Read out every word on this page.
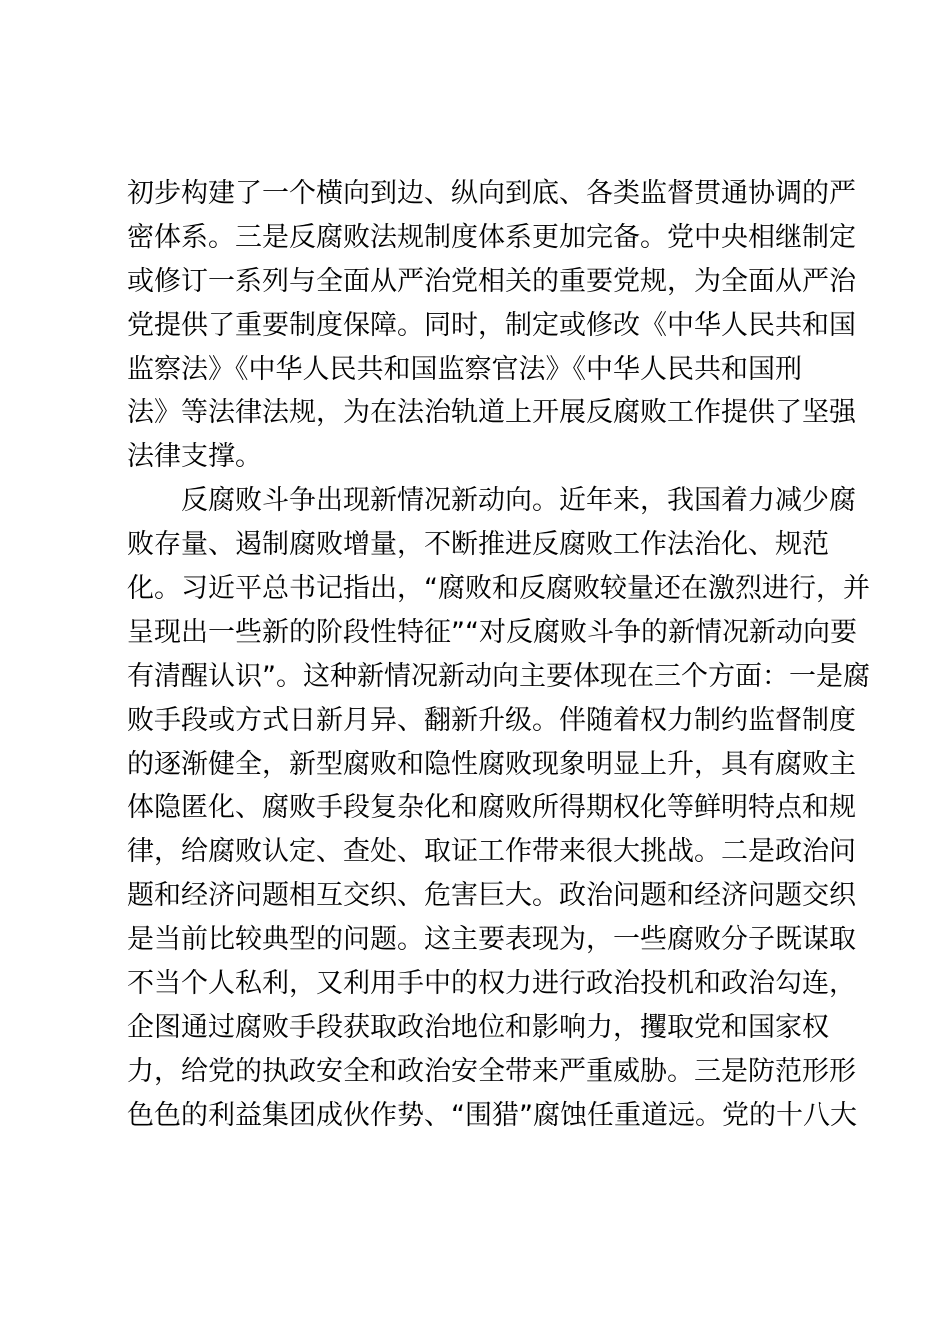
初步构建了一个横向到边、纵向到底、各类监督贯通协调的严
密体系。三是反腐败法规制度体系更加完备。党中央相继制定
或修订一系列与全面从严治党相关的重要党规，为全面从严治
党提供了重要制度保障。同时，制定或修改《中华人民共和国
监察法》《中华人民共和国监察官法》《中华人民共和国刑
法》等法律法规，为在法治轨道上开展反腐败工作提供了坚强
法律支撑。
反腐败斗争出现新情况新动向。近年来，我国着力减少腐
败存量、遏制腐败增量，不断推进反腐败工作法治化、规范
化。习近平总书记指出，“腐败和反腐败较量还在激烈进行，并
呈现出一些新的阶段性特征”“对反腐败斗争的新情况新动向要
有清醒认识”。这种新情况新动向主要体现在三个方面：一是腐
败手段或方式日新月异、翻新升级。伴随着权力制约监督制度
的逐渐健全，新型腐败和隐性腐败现象明显上升，具有腐败主
体隐匿化、腐败手段复杂化和腐败所得期权化等鲜明特点和规
律，给腐败认定、查处、取证工作带来很大挑战。二是政治问
题和经济问题相互交织、危害巨大。政治问题和经济问题交织
是当前比较典型的问题。这主要表现为，一些腐败分子既谋取
不当个人私利，又利用手中的权力进行政治投机和政治勾连，
企图通过腐败手段获取政治地位和影响力，攫取党和国家权
力，给党的执政安全和政治安全带来严重威胁。三是防范形形
色色的利益集团成伙作势、“围猎”腐蚀任重道远。党的十八大
